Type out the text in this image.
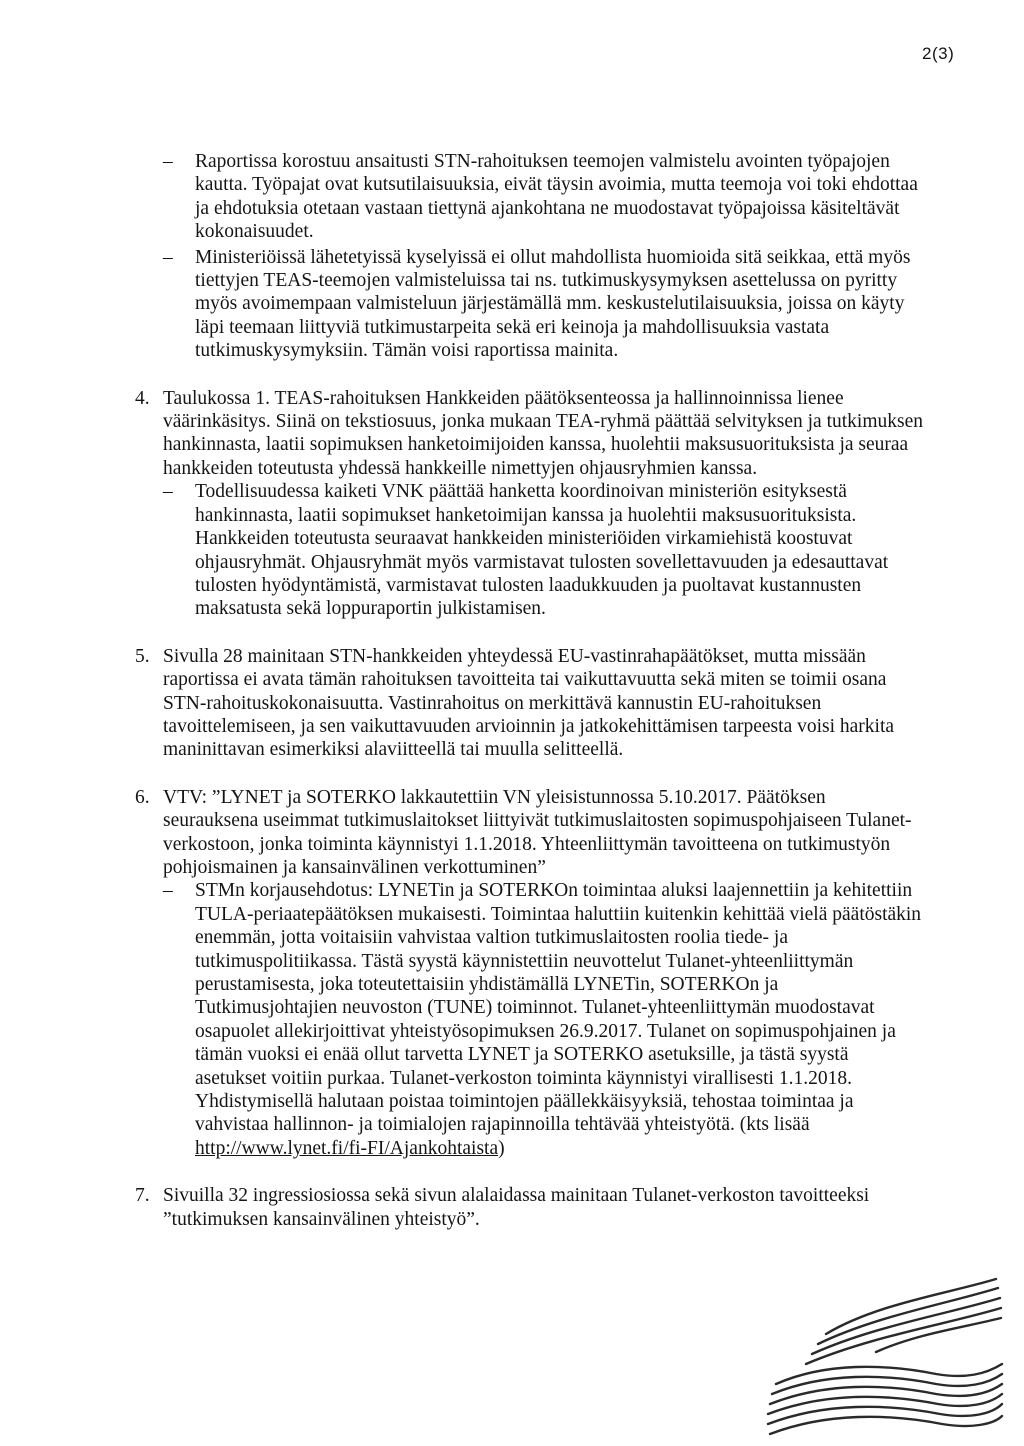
2(3)
– Raportissa korostuu ansaitusti STN-rahoituksen teemojen valmistelu avointen työpajojen kautta. Työpajat ovat kutsutilaisuuksia, eivät täysin avoimia, mutta teemoja voi toki ehdottaa ja ehdotuksia otetaan vastaan tiettynä ajankohtana ne muodostavat työpajoissa käsiteltävät kokonaisuudet.

– Ministeriöissä lähetetyissä kyselyissä ei ollut mahdollista huomioida sitä seikkaa, että myös tiettyjen TEAS-teemojen valmisteluissa tai ns. tutkimuskysymyksen asettelussa on pyritty myös avoimempaan valmisteluun järjestämällä mm. keskustelutilaisuuksia, joissa on käyty läpi teemaan liittyviä tutkimustarpeita sekä eri keinoja ja mahdollisuuksia vastata tutkimuskysymyksiin. Tämän voisi raportissa mainita.

4. Taulukossa 1. TEAS-rahoituksen Hankkeiden päätöksenteossa ja hallinnoinnissa lienee väärinkäsitys. Siinä on tekstiosuus, jonka mukaan TEA-ryhmä päättää selvityksen ja tutkimuksen hankinnasta, laatii sopimuksen hanketoimijoiden kanssa, huolehtii maksusuorituksista ja seuraa hankkeiden toteutusta yhdessä hankkeille nimettyjen ohjausryhmien kanssa.

– Todellisuudessa kaiketi VNK päättää hanketta koordinoivan ministeriön esityksestä hankinnasta, laatii sopimukset hanketoimijan kanssa ja huolehtii maksusuorituksista. Hankkeiden toteutusta seuraavat hankkeiden ministeriöiden virkamiehistä koostuvat ohjausryhmät. Ohjausryhmät myös varmistavat tulosten sovellettavuuden ja edesauttavat tulosten hyödyntämistä, varmistavat tulosten laadukkuuden ja puoltavat kustannusten maksatusta sekä loppuraportin julkistamisen.

5. Sivulla 28 mainitaan STN-hankkeiden yhteydessä EU-vastinrahapäätökset, mutta missään raportissa ei avata tämän rahoituksen tavoitteita tai vaikuttavuutta sekä miten se toimii osana STN-rahoituskokonaisuutta. Vastinrahoitus on merkittävä kannustin EU-rahoituksen tavoittelemiseen, ja sen vaikuttavuuden arvioinnin ja jatkokehittämisen tarpeesta voisi harkita maninittavan esimerkiksi alaviitteellä tai muulla selitteellä.

6. VTV: ”LYNET ja SOTERKO lakkautettiin VN yleisistunnossa 5.10.2017. Päätöksen seurauksena useimmat tutkimuslaitokset liittyivät tutkimuslaitosten sopimuspohjaiseen Tulanet-verkostoon, jonka toiminta käynnistyi 1.1.2018. Yhteenliittymän tavoitteena on tutkimustyön pohjoismainen ja kansainvälinen verkottuminen”

– STMn korjausehdotus: LYNETin ja SOTERKOn toimintaa aluksi laajennettiin ja kehitettiin TULA-periaatepäätöksen mukaisesti. Toimintaa haluttiin kuitenkin kehittää vielä päätöstäkin enemmän, jotta voitaisiin vahvistaa valtion tutkimuslaitosten roolia tiede- ja tutkimuspolitiikassa. Tästä syystä käynnistettiin neuvottelut Tulanet-yhteenliittymän perustamisesta, joka toteutettaisiin yhdistämällä LYNETin, SOTERKOn ja Tutkimusjohtajien neuvoston (TUNE) toiminnot. Tulanet-yhteenliittymän muodostavat osapuolet allekirjoittivat yhteistyösopimuksen 26.9.2017. Tulanet on sopimuspohjainen ja tämän vuoksi ei enää ollut tarvetta LYNET ja SOTERKO asetuksille, ja tästä syystä asetukset voitiin purkaa. Tulanet-verkoston toiminta käynnistyi virallisesti 1.1.2018. Yhdistymisellä halutaan poistaa toimintojen päällekkäisyyksiä, tehostaa toimintaa ja vahvistaa hallinnon- ja toimialojen rajapinnoilla tehtävää yhteistyötä. (kts lisää http://www.lynet.fi/fi-FI/Ajankohtaista)

7. Sivuilla 32 ingressiosiossa sekä sivun alalaidassa mainitaan Tulanet-verkoston tavoitteeksi ”tutkimuksen kansainvälinen yhteistyö”.
